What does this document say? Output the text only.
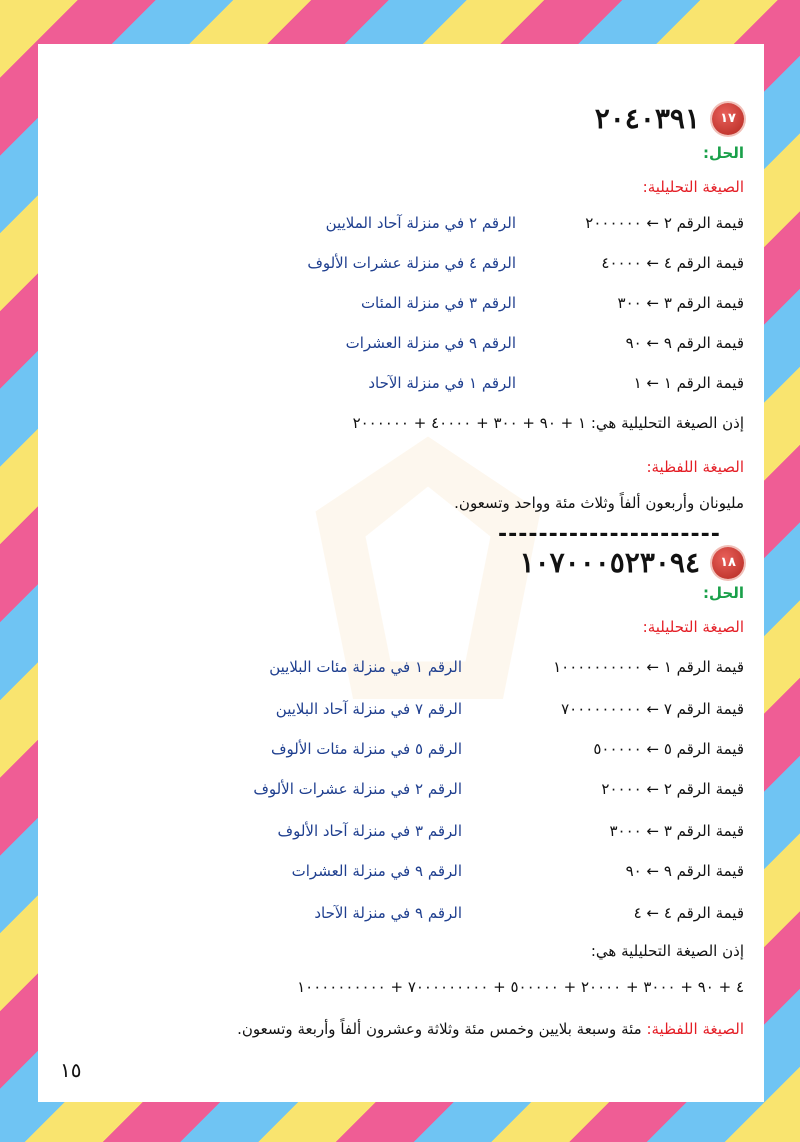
١٧
٢٠٤٠٣٩١
الحل:
الصيغة التحليلية:
قيمة الرقم ٢ ← ٢٠٠٠٠٠٠
الرقم ٢ في منزلة آحاد الملايين
قيمة الرقم ٤ ← ٤٠٠٠٠
الرقم ٤ في منزلة عشرات الألوف
قيمة الرقم ٣ ← ٣٠٠
الرقم ٣ في منزلة المئات
قيمة الرقم ٩ ← ٩٠
الرقم ٩ في منزلة العشرات
قيمة الرقم ١ ← ١
الرقم ١ في منزلة الآحاد
إذن الصيغة التحليلية هي: ١ + ٩٠ + ٣٠٠ + ٤٠٠٠٠ + ٢٠٠٠٠٠٠
الصيغة اللفظية:
مليونان وأربعون ألفاً وثلاث مئة وواحد وتسعون.
----------------------
١٨
١٠٧٠٠٠٥٢٣٠٩٤
الحل:
الصيغة التحليلية:
قيمة الرقم ١ ← ١٠٠٠٠٠٠٠٠٠٠
الرقم ١ في منزلة مئات البلايين
قيمة الرقم ٧ ← ٧٠٠٠٠٠٠٠٠٠
الرقم ٧ في منزلة آحاد البلايين
قيمة الرقم ٥ ← ٥٠٠٠٠٠
الرقم ٥ في منزلة مئات الألوف
قيمة الرقم ٢ ← ٢٠٠٠٠
الرقم ٢ في منزلة عشرات الألوف
قيمة الرقم ٣ ← ٣٠٠٠
الرقم ٣ في منزلة آحاد الألوف
قيمة الرقم ٩ ← ٩٠
الرقم ٩ في منزلة العشرات
قيمة الرقم ٤ ← ٤
الرقم ٩ في منزلة الآحاد
إذن الصيغة التحليلية هي:
٤ + ٩٠ + ٣٠٠٠ + ٢٠٠٠٠ + ٥٠٠٠٠٠ + ٧٠٠٠٠٠٠٠٠٠ + ١٠٠٠٠٠٠٠٠٠٠
الصيغة اللفظية: مئة وسبعة بلايين وخمس مئة وثلاثة وعشرون ألفاً وأربعة وتسعون.
١٥
